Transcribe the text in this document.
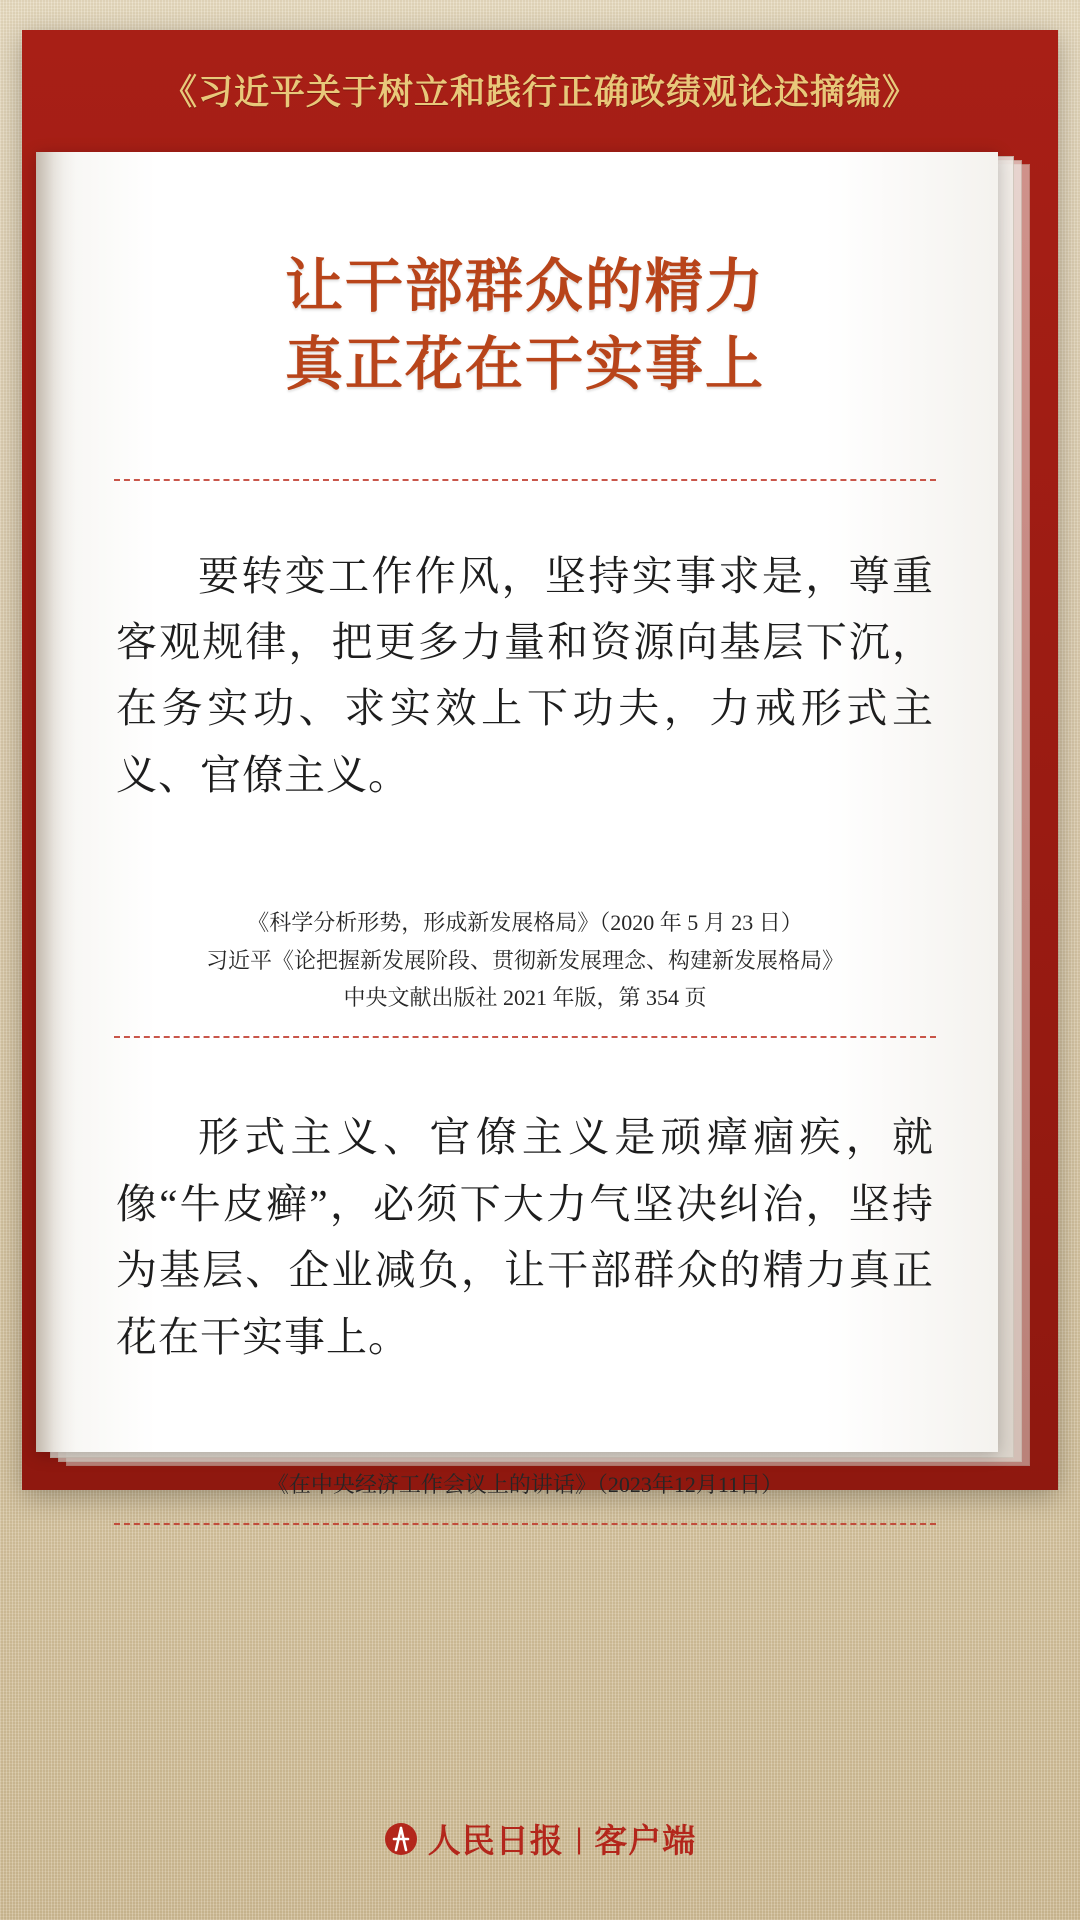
《习近平关于树立和践行正确政绩观论述摘编》
让干部群众的精力
真正花在干实事上

要转变工作作风，坚持实事求是，尊重客观规律，把更多力量和资源向基层下沉，在务实功、求实效上下功夫，力戒形式主义、官僚主义。

《科学分析形势，形成新发展格局》（2020 年 5 月 23 日）
习近平《论把握新发展阶段、贯彻新发展理念、构建新发展格局》
中央文献出版社 2021 年版，第 354 页

形式主义、官僚主义是顽瘴痼疾，就像“牛皮癣”，必须下大力气坚决纠治，坚持为基层、企业减负，让干部群众的精力真正花在干实事上。

《在中央经济工作会议上的讲话》（2023年12月11日）
人民日报 | 客户端
